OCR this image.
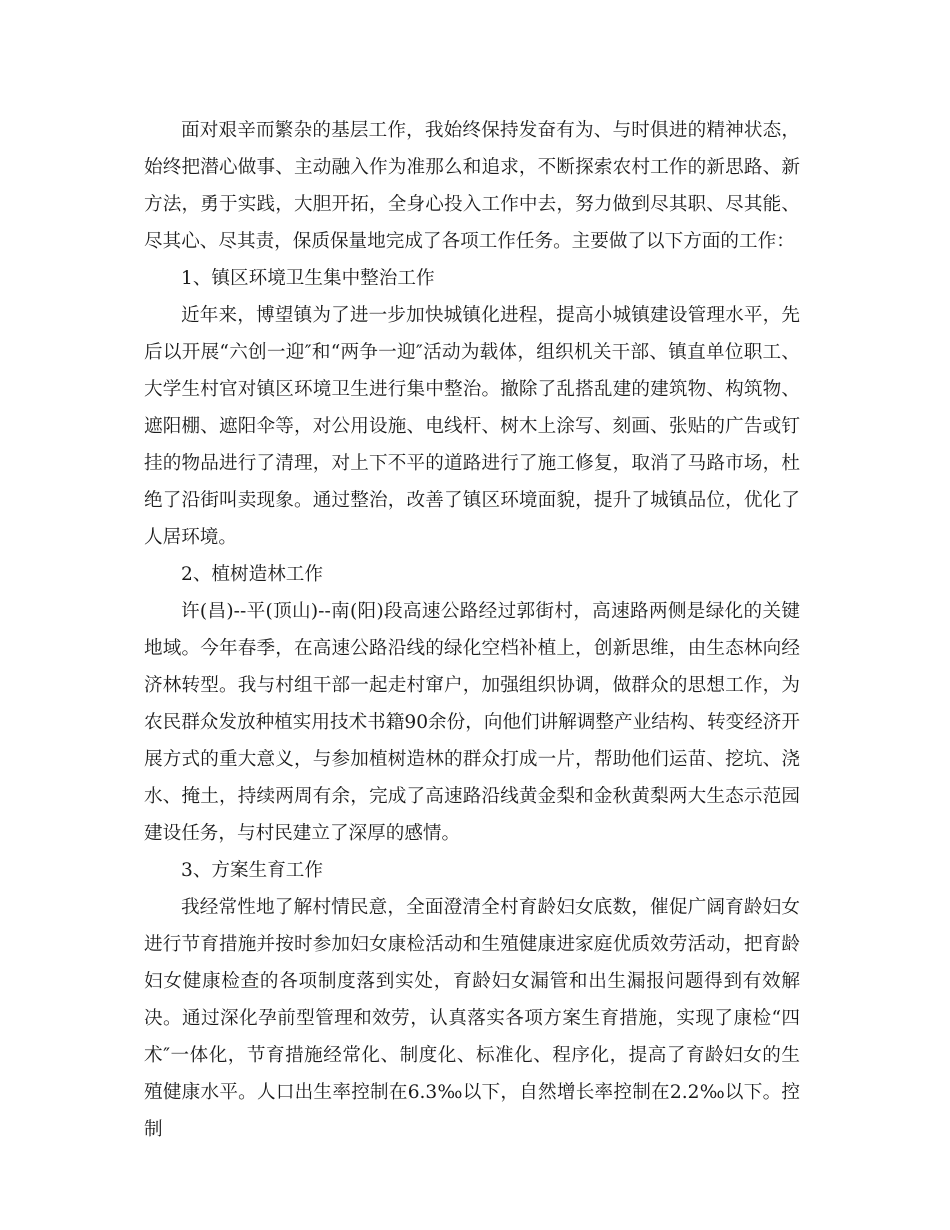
面对艰辛而繁杂的基层工作，我始终保持发奋有为、与时俱进的精神状态，始终把潜心做事、主动融入作为准那么和追求，不断探索农村工作的新思路、新方法，勇于实践，大胆开拓，全身心投入工作中去，努力做到尽其职、尽其能、尽其心、尽其责，保质保量地完成了各项工作任务。主要做了以下方面的工作：

1、镇区环境卫生集中整治工作

近年来，博望镇为了进一步加快城镇化进程，提高小城镇建设管理水平，先后以开展“六创一迎″和“两争一迎″活动为载体，组织机关干部、镇直单位职工、大学生村官对镇区环境卫生进行集中整治。撤除了乱搭乱建的建筑物、构筑物、遮阳棚、遮阳伞等，对公用设施、电线杆、树木上涂写、刻画、张贴的广告或钉挂的物品进行了清理，对上下不平的道路进行了施工修复，取消了马路市场，杜绝了沿街叫卖现象。通过整治，改善了镇区环境面貌，提升了城镇品位，优化了人居环境。

2、植树造林工作

许(昌)--平(顶山)--南(阳)段高速公路经过郭街村，高速路两侧是绿化的关键地域。今年春季，在高速公路沿线的绿化空档补植上，创新思维，由生态林向经济林转型。我与村组干部一起走村窜户，加强组织协调，做群众的思想工作，为农民群众发放种植实用技术书籍90余份，向他们讲解调整产业结构、转变经济开展方式的重大意义，与参加植树造林的群众打成一片，帮助他们运苗、挖坑、浇水、掩土，持续两周有余，完成了高速路沿线黄金梨和金秋黄梨两大生态示范园建设任务，与村民建立了深厚的感情。

3、方案生育工作

我经常性地了解村情民意，全面澄清全村育龄妇女底数，催促广阔育龄妇女进行节育措施并按时参加妇女康检活动和生殖健康进家庭优质效劳活动，把育龄妇女健康检查的各项制度落到实处，育龄妇女漏管和出生漏报问题得到有效解决。通过深化孕前型管理和效劳，认真落实各项方案生育措施，实现了康检“四术″一体化，节育措施经常化、制度化、标准化、程序化，提高了育龄妇女的生殖健康水平。人口出生率控制在6.3‰以下，自然增长率控制在2.2‰以下。控制
